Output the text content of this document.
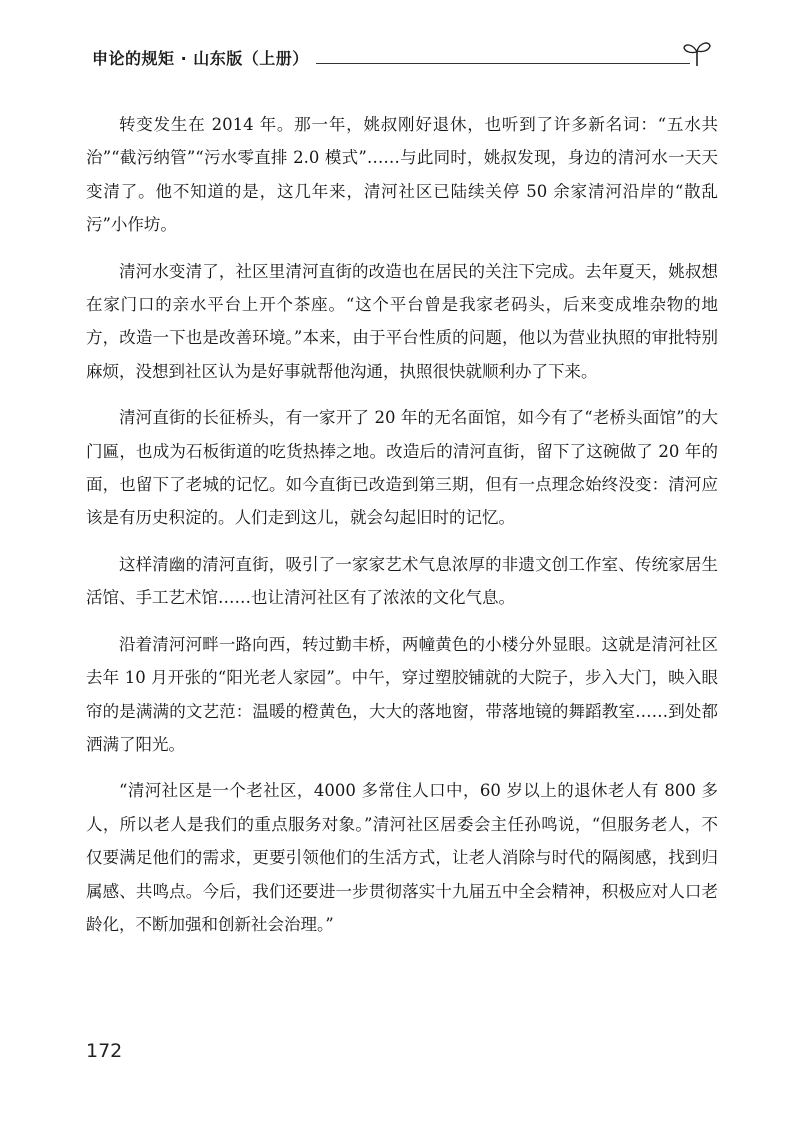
申论的规矩 · 山东版（上册）

转变发生在 2014 年。那一年，姚叔刚好退休，也听到了许多新名词：“五水共治”“截污纳管”“污水零直排 2.0 模式”……与此同时，姚叔发现，身边的清河水一天天变清了。他不知道的是，这几年来，清河社区已陆续关停 50 余家清河沿岸的“散乱污”小作坊。

清河水变清了，社区里清河直街的改造也在居民的关注下完成。去年夏天，姚叔想在家门口的亲水平台上开个茶座。“这个平台曾是我家老码头，后来变成堆杂物的地方，改造一下也是改善环境。”本来，由于平台性质的问题，他以为营业执照的审批特别麻烦，没想到社区认为是好事就帮他沟通，执照很快就顺利办了下来。

清河直街的长征桥头，有一家开了 20 年的无名面馆，如今有了“老桥头面馆”的大门匾，也成为石板街道的吃货热捧之地。改造后的清河直街，留下了这碗做了 20 年的面，也留下了老城的记忆。如今直街已改造到第三期，但有一点理念始终没变：清河应该是有历史积淀的。人们走到这儿，就会勾起旧时的记忆。

这样清幽的清河直街，吸引了一家家艺术气息浓厚的非遗文创工作室、传统家居生活馆、手工艺术馆……也让清河社区有了浓浓的文化气息。

沿着清河河畔一路向西，转过勤丰桥，两幢黄色的小楼分外显眼。这就是清河社区去年 10 月开张的“阳光老人家园”。中午，穿过塑胶铺就的大院子，步入大门，映入眼帘的是满满的文艺范：温暖的橙黄色，大大的落地窗，带落地镜的舞蹈教室……到处都洒满了阳光。

“清河社区是一个老社区，4000 多常住人口中，60 岁以上的退休老人有 800 多人，所以老人是我们的重点服务对象。”清河社区居委会主任孙鸣说，“但服务老人，不仅要满足他们的需求，更要引领他们的生活方式，让老人消除与时代的隔阂感，找到归属感、共鸣点。今后，我们还要进一步贯彻落实十九届五中全会精神，积极应对人口老龄化，不断加强和创新社会治理。”

172
